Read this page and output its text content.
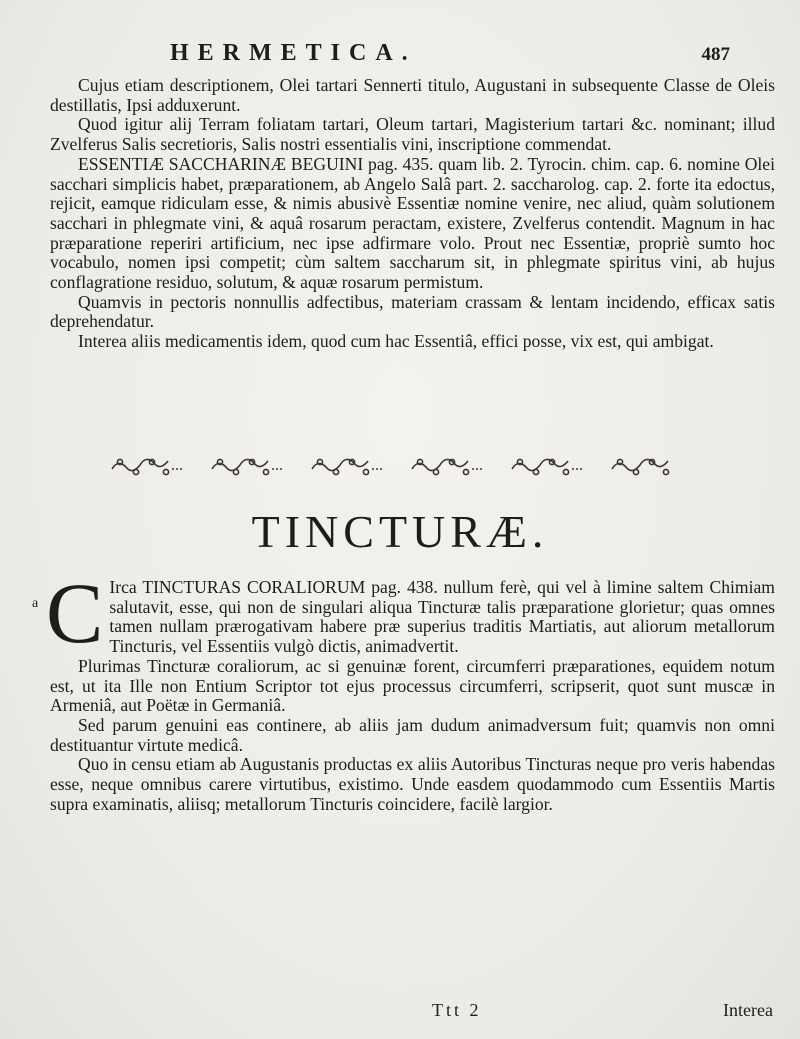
HERMETICA.	487

Cujus etiam descriptionem, Olei tartari Sennerti titulo, Augustani in subsequente Classe de Oleis destillatis, Ipsi adduxerunt.

Quod igitur alij Terram foliatam tartari, Oleum tartari, Magisterium tartari &c. nominant; illud Zvelferus Salis secretioris, Salis nostri essentialis vini, inscriptione commendat.

ESSENTIÆ SACCHARINÆ BEGUINI pag. 435. quam lib. 2. Tyrocin. chim. cap. 6. nomine Olei sacchari simplicis habet, præparationem, ab Angelo Salâ part. 2. saccharolog. cap. 2. forte ita edoctus, rejicit, eamque ridiculam esse, & nimis abusivè Essentiæ nomine venire, nec aliud, quàm solutionem sacchari in phlegmate vini, & aquâ rosarum peractam, existere, Zvelferus contendit. Magnum in hac præparatione reperiri artificium, nec ipse adfirmare volo. Prout nec Essentiæ, propriè sumto hoc vocabulo, nomen ipsi competit; cùm saltem saccharum sit, in phlegmate spiritus vini, ab hujus conflagratione residuo, solutum, & aquæ rosarum permistum.

Quamvis in pectoris nonnullis adfectibus, materiam crassam & lentam incidendo, efficax satis deprehendatur.

Interea aliis medicamentis idem, quod cum hac Essentiâ, effici posse, vix est, qui ambigat.

TINCTURÆ.
a C Irca TINCTURAS CORALIORUM pag. 438. nullum ferè, qui vel à limine saltem Chimiam salutavit, esse, qui non de singulari aliqua Tincturæ talis præparatione glorietur; quas omnes tamen nullam prærogativam habere præ superius traditis Martiatis, aut aliorum metallorum Tincturis, vel Essentiis vulgò dictis, animadvertit.

Plurimas Tincturæ coraliorum, ac si genuinæ forent, circumferri præparationes, equidem notum est, ut ita Ille non Entium Scriptor tot ejus processus circumferri, scripserit, quot sunt muscæ in Armeniâ, aut Poëtæ in Germaniâ.

Sed parum genuini eas continere, ab aliis jam dudum animadversum fuit; quamvis non omni destituantur virtute medicâ.

Quo in censu etiam ab Augustanis productas ex aliis Autoribus Tincturas neque pro veris habendas esse, neque omnibus carere virtutibus, existimo. Unde easdem quodammodo cum Essentiis Martis supra examinatis, aliisq; metallorum Tincturis coincidere, facilè largior.

Ttt 2	Interea
